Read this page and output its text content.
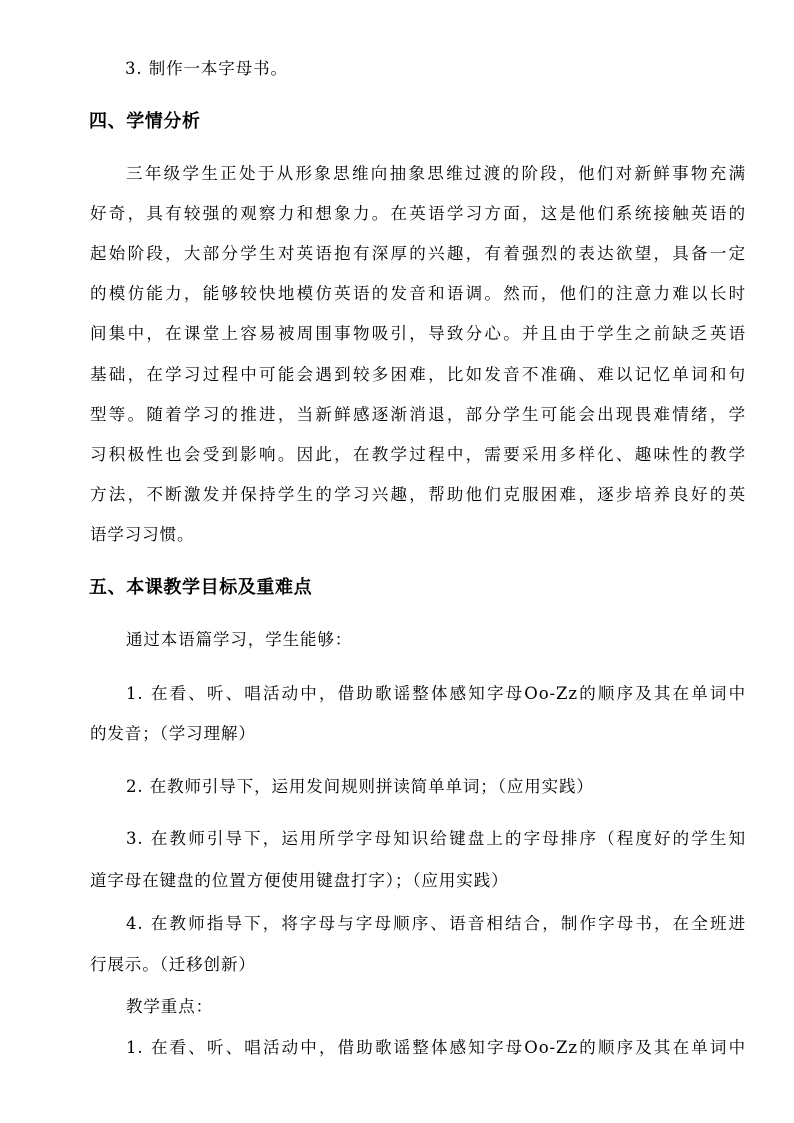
3. 制作一本字母书。
四、学情分析
三年级学生正处于从形象思维向抽象思维过渡的阶段，他们对新鲜事物充满
好奇，具有较强的观察力和想象力。在英语学习方面，这是他们系统接触英语的
起始阶段，大部分学生对英语抱有深厚的兴趣，有着强烈的表达欲望，具备一定
的模仿能力，能够较快地模仿英语的发音和语调。然而，他们的注意力难以长时
间集中，在课堂上容易被周围事物吸引，导致分心。并且由于学生之前缺乏英语
基础，在学习过程中可能会遇到较多困难，比如发音不准确、难以记忆单词和句
型等。随着学习的推进，当新鲜感逐渐消退，部分学生可能会出现畏难情绪，学
习积极性也会受到影响。因此，在教学过程中，需要采用多样化、趣味性的教学
方法，不断激发并保持学生的学习兴趣，帮助他们克服困难，逐步培养良好的英
语学习习惯。
五、本课教学目标及重难点
通过本语篇学习，学生能够：
1. 在看、听、唱活动中，借助歌谣整体感知字母Oo-Zz的顺序及其在单词中
的发音；（学习理解）
2. 在教师引导下，运用发间规则拼读简单单词；（应用实践）
3. 在教师引导下，运用所学字母知识给键盘上的字母排序（程度好的学生知
道字母在键盘的位置方便使用键盘打字）；（应用实践）
4. 在教师指导下，将字母与字母顺序、语音相结合，制作字母书，在全班进
行展示。（迁移创新）
教学重点：
1. 在看、听、唱活动中，借助歌谣整体感知字母Oo-Zz的顺序及其在单词中
